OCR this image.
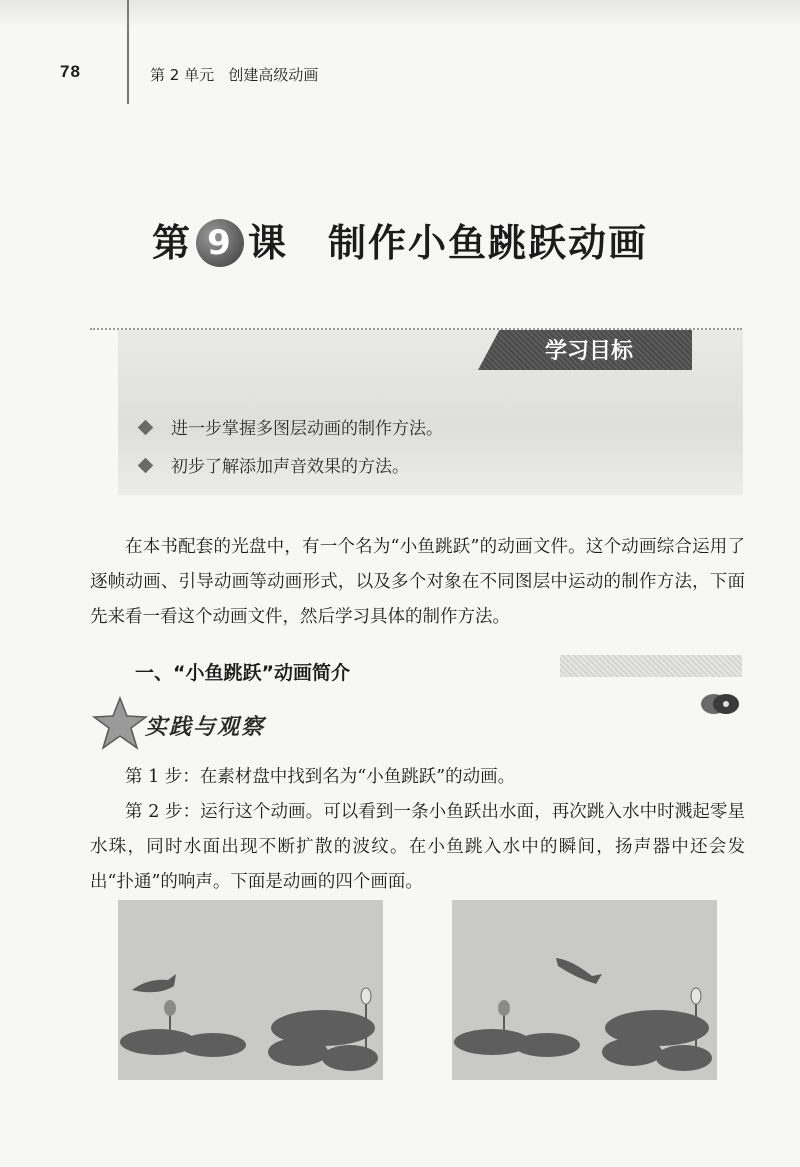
78	第 2 单元   创建高级动画
第 9 课 制作小鱼跳跃动画
学习目标
进一步掌握多图层动画的制作方法。
初步了解添加声音效果的方法。
在本书配套的光盘中，有一个名为“小鱼跳跃”的动画文件。这个动画综合运用了逐帧动画、引导动画等动画形式，以及多个对象在不同图层中运动的制作方法，下面先来看一看这个动画文件，然后学习具体的制作方法。
一、“小鱼跳跃”动画简介
实践与观察
第 1 步：在素材盘中找到名为“小鱼跳跃”的动画。
第 2 步：运行这个动画。可以看到一条小鱼跃出水面，再次跳入水中时溅起零星水珠，同时水面出现不断扩散的波纹。在小鱼跳入水中的瞬间，扬声器中还会发出“扑通”的响声。下面是动画的四个画面。
